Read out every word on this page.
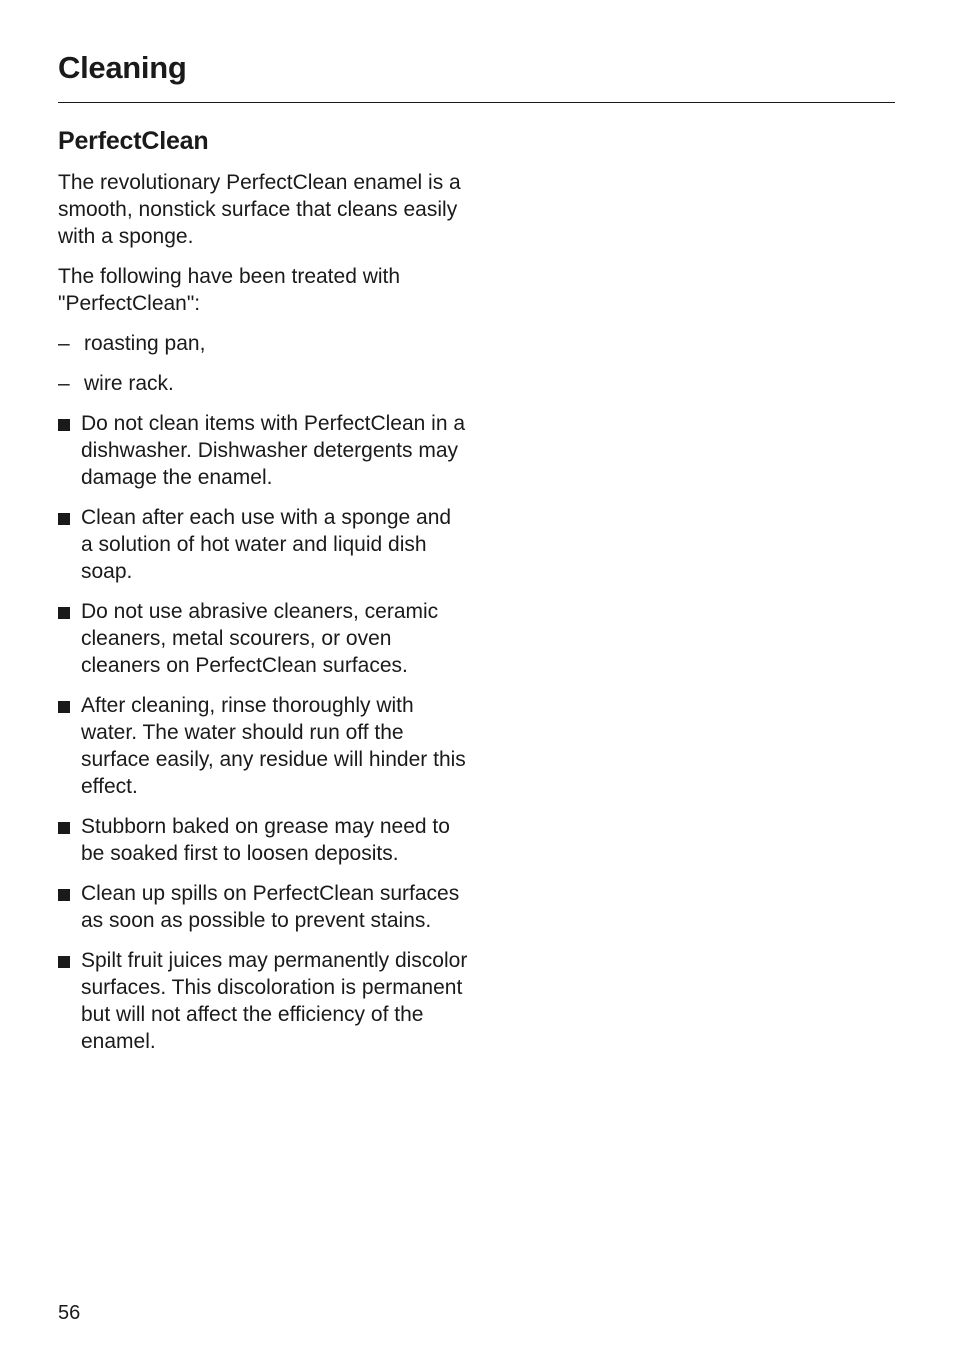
Cleaning
PerfectClean

The revolutionary PerfectClean enamel is a smooth, nonstick surface that cleans easily with a sponge.

The following have been treated with "PerfectClean":

– roasting pan,
– wire rack.
Do not clean items with PerfectClean in a dishwasher. Dishwasher detergents may damage the enamel.
Clean after each use with a sponge and a solution of hot water and liquid dish soap.
Do not use abrasive cleaners, ceramic cleaners, metal scourers, or oven cleaners on PerfectClean surfaces.
After cleaning, rinse thoroughly with water. The water should run off the surface easily, any residue will hinder this effect.
Stubborn baked on grease may need to be soaked first to loosen deposits.
Clean up spills on PerfectClean surfaces as soon as possible to prevent stains.
Spilt fruit juices may permanently discolor surfaces. This discoloration is permanent but will not affect the efficiency of the enamel.
56
